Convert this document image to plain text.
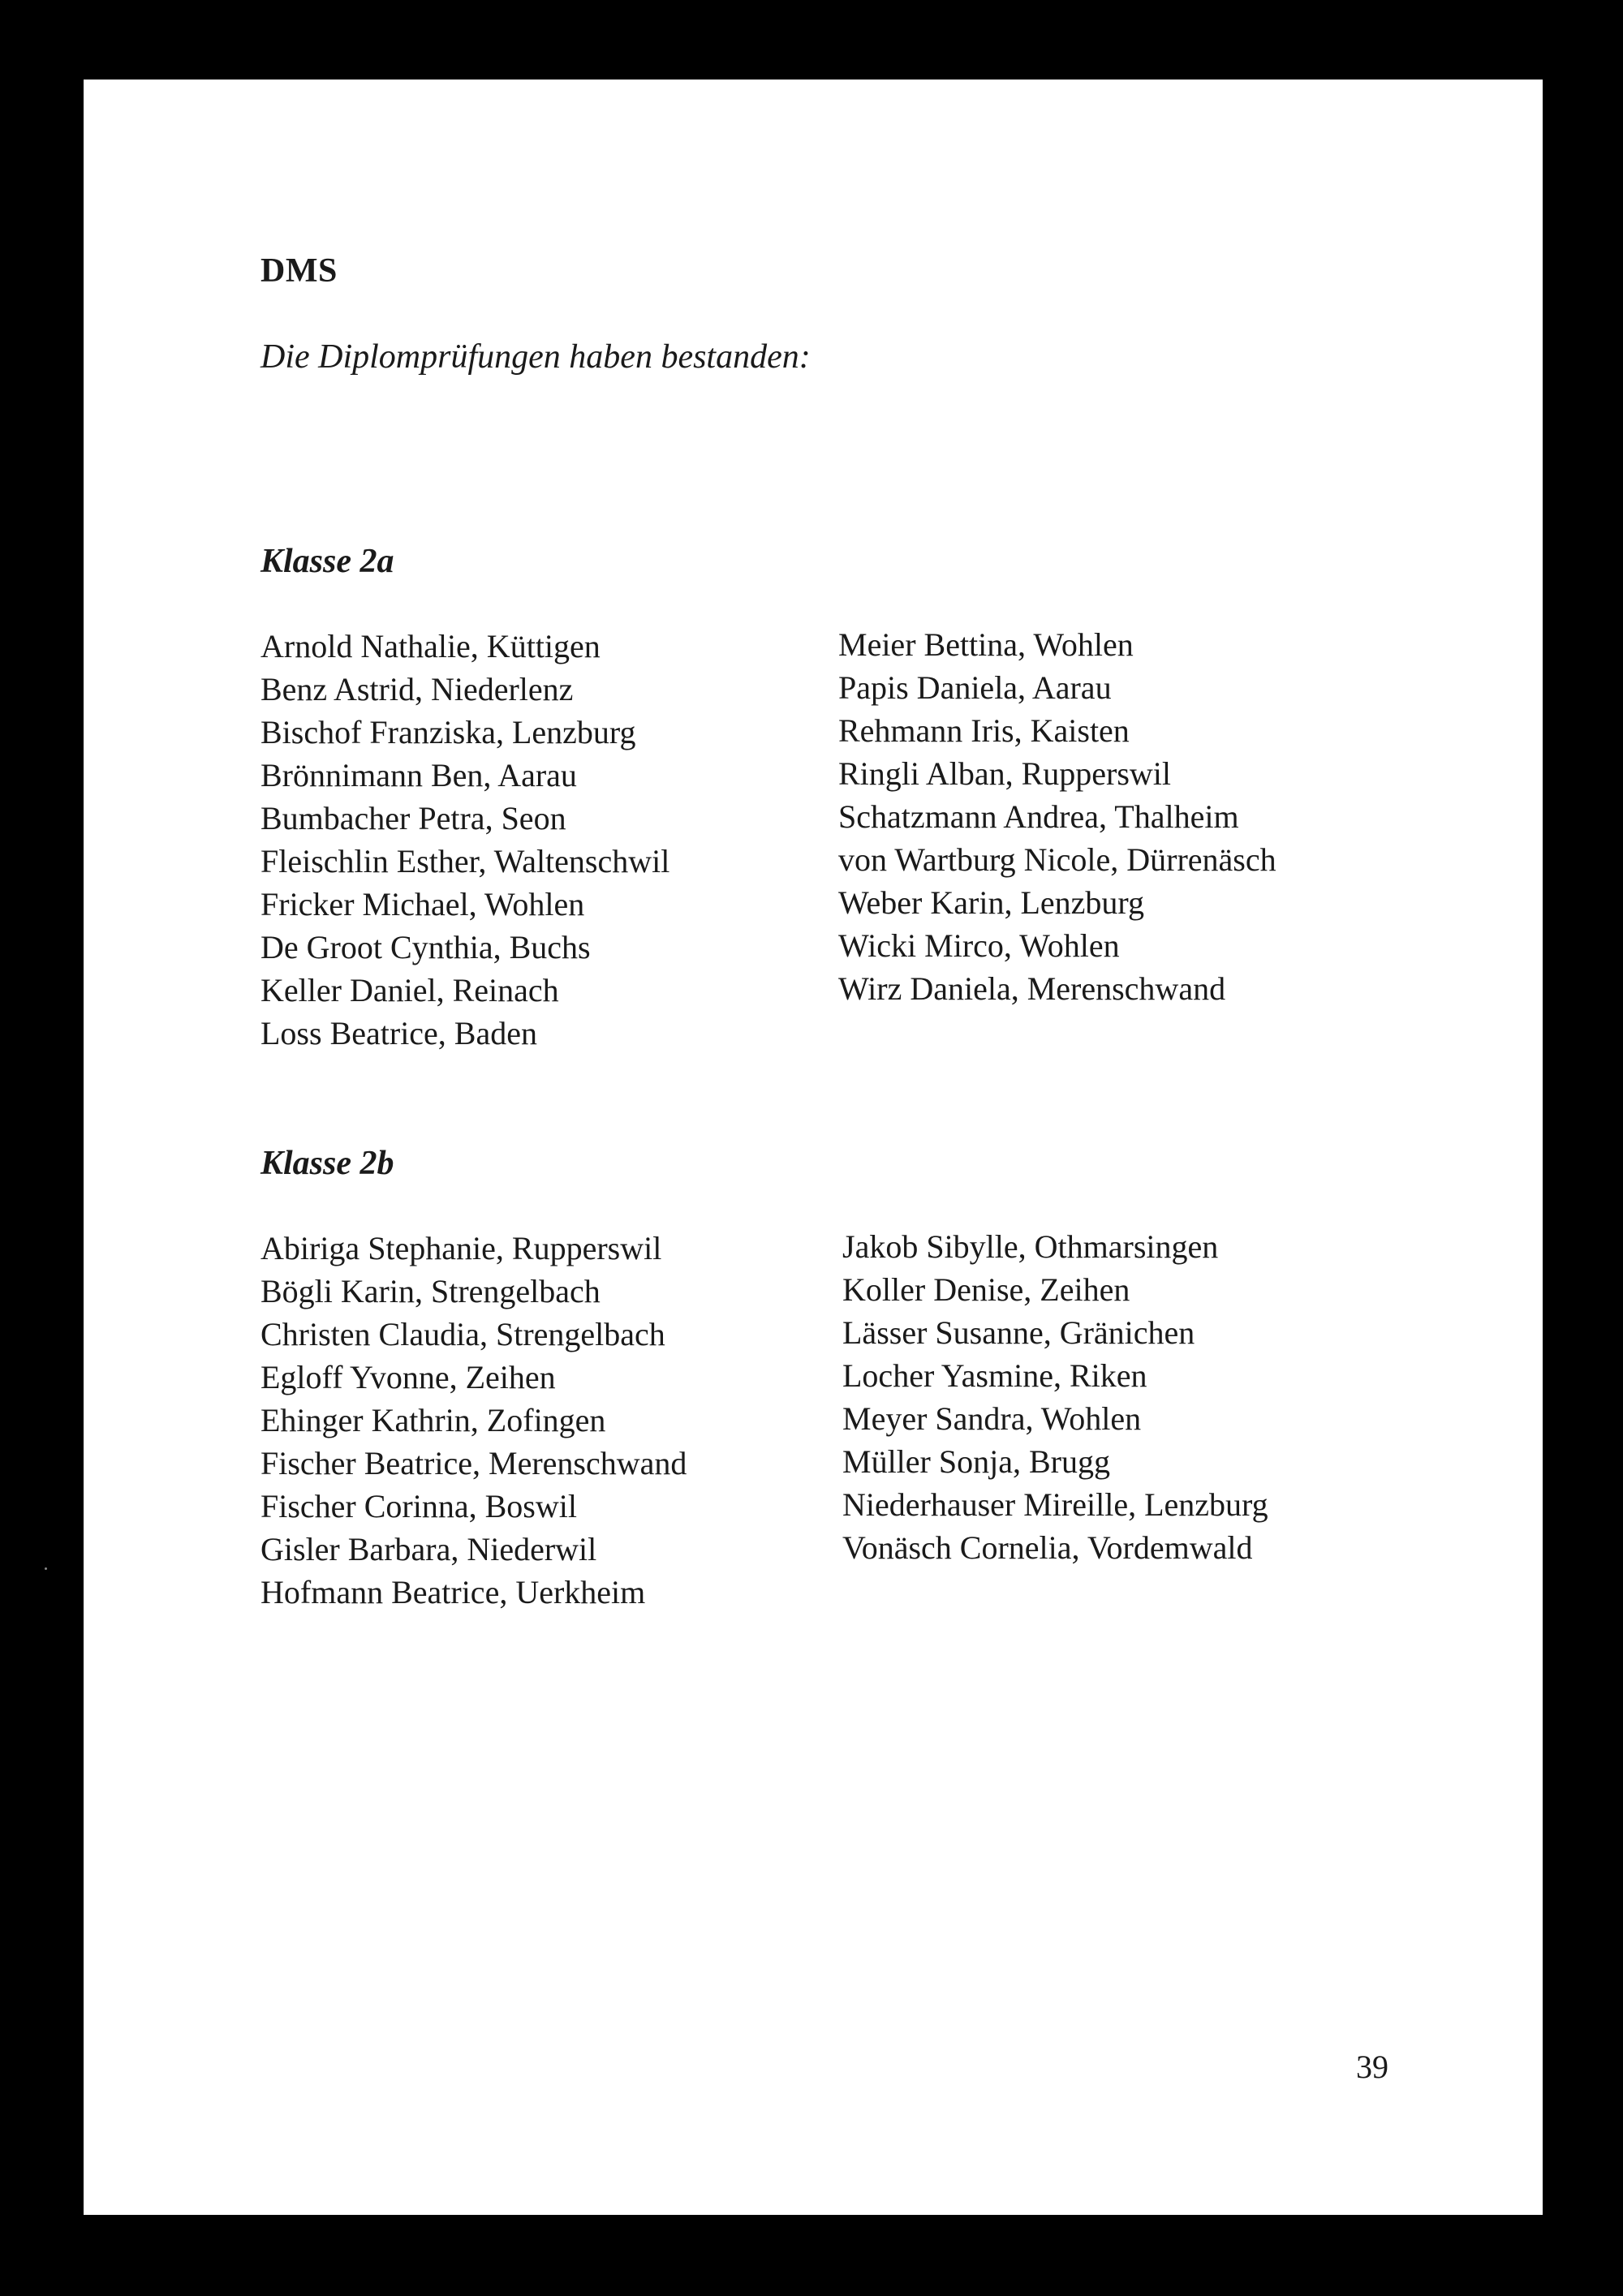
DMS

Die Diplomprüfungen haben bestanden:

Klasse 2a
Arnold Nathalie, Küttigen
Benz Astrid, Niederlenz
Bischof Franziska, Lenzburg
Brönnimann Ben, Aarau
Bumbacher Petra, Seon
Fleischlin Esther, Waltenschwil
Fricker Michael, Wohlen
De Groot Cynthia, Buchs
Keller Daniel, Reinach
Loss Beatrice, Baden
Meier Bettina, Wohlen
Papis Daniela, Aarau
Rehmann Iris, Kaisten
Ringli Alban, Rupperswil
Schatzmann Andrea, Thalheim
von Wartburg Nicole, Dürrenäsch
Weber Karin, Lenzburg
Wicki Mirco, Wohlen
Wirz Daniela, Merenschwand
Klasse 2b
Abiriga Stephanie, Rupperswil
Bögli Karin, Strengelbach
Christen Claudia, Strengelbach
Egloff Yvonne, Zeihen
Ehinger Kathrin, Zofingen
Fischer Beatrice, Merenschwand
Fischer Corinna, Boswil
Gisler Barbara, Niederwil
Hofmann Beatrice, Uerkheim
Jakob Sibylle, Othmarsingen
Koller Denise, Zeihen
Lässer Susanne, Gränichen
Locher Yasmine, Riken
Meyer Sandra, Wohlen
Müller Sonja, Brugg
Niederhauser Mireille, Lenzburg
Vonäsch Cornelia, Vordemwald

39
